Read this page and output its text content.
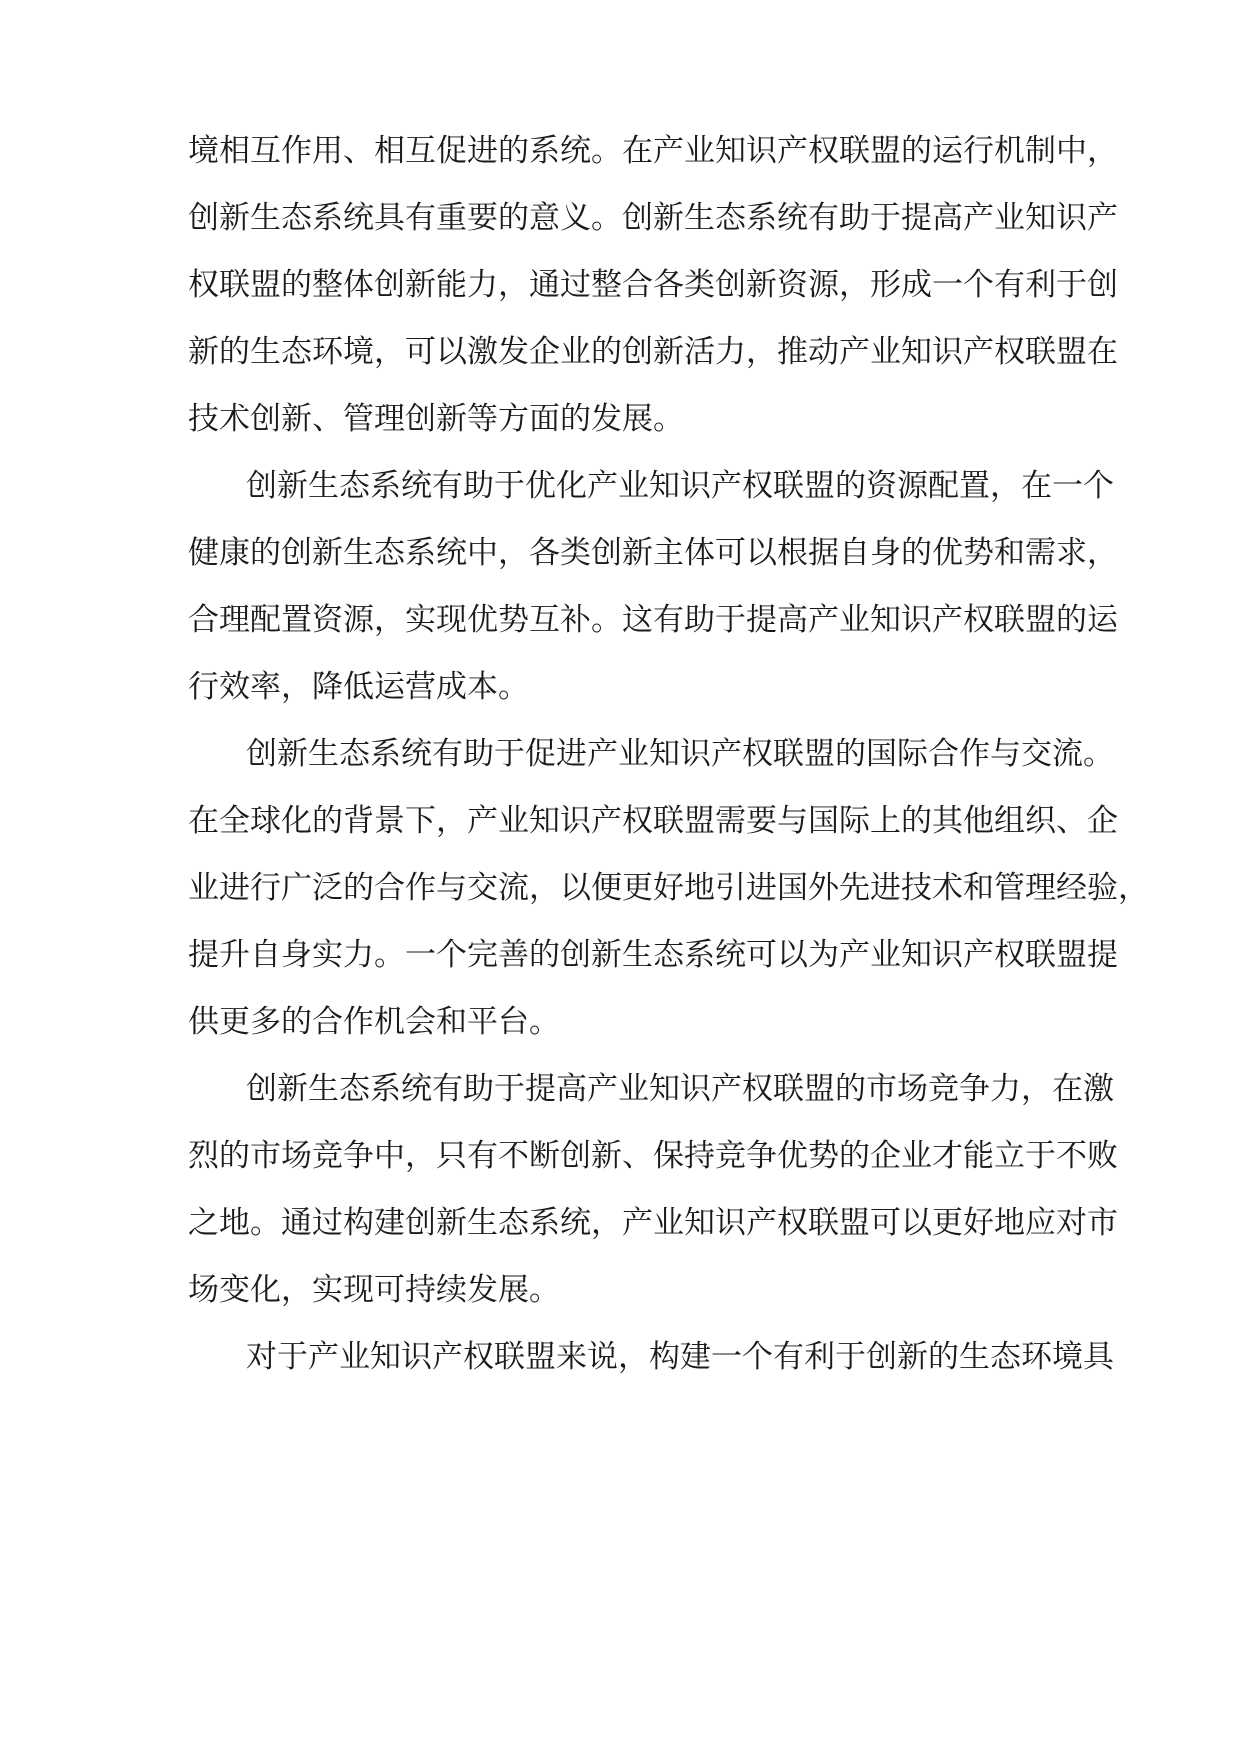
境相互作用、相互促进的系统。在产业知识产权联盟的运行机制中，
创新生态系统具有重要的意义。创新生态系统有助于提高产业知识产
权联盟的整体创新能力，通过整合各类创新资源，形成一个有利于创
新的生态环境，可以激发企业的创新活力，推动产业知识产权联盟在
技术创新、管理创新等方面的发展。
创新生态系统有助于优化产业知识产权联盟的资源配置，在一个
健康的创新生态系统中，各类创新主体可以根据自身的优势和需求，
合理配置资源，实现优势互补。这有助于提高产业知识产权联盟的运
行效率，降低运营成本。
创新生态系统有助于促进产业知识产权联盟的国际合作与交流。
在全球化的背景下，产业知识产权联盟需要与国际上的其他组织、企
业进行广泛的合作与交流，以便更好地引进国外先进技术和管理经验，
提升自身实力。一个完善的创新生态系统可以为产业知识产权联盟提
供更多的合作机会和平台。
创新生态系统有助于提高产业知识产权联盟的市场竞争力，在激
烈的市场竞争中，只有不断创新、保持竞争优势的企业才能立于不败
之地。通过构建创新生态系统，产业知识产权联盟可以更好地应对市
场变化，实现可持续发展。
对于产业知识产权联盟来说，构建一个有利于创新的生态环境具
